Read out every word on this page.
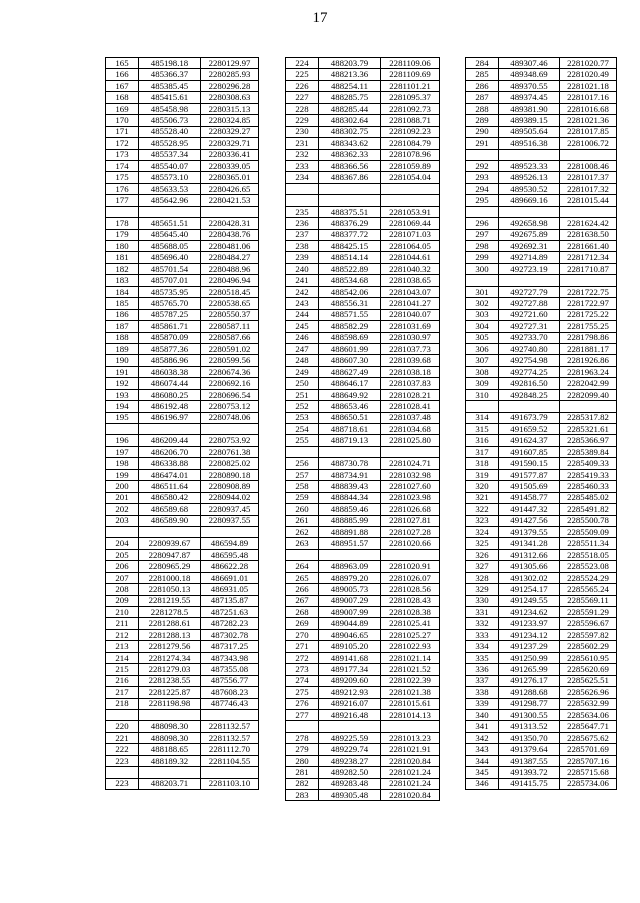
17
165	485198.18	2280129.97
166	485366.37	2280285.93
167	485385.45	2280296.28
168	485415.61	2280308.63
169	485458.98	2280315.13
170	485506.73	2280324.85
171	485528.40	2280329.27
172	485528.95	2280329.71
173	485537.34	2280336.41
174	485540.07	2280339.05
175	485573.10	2280365.01
176	485633.53	2280426.65
177	485642.96	2280421.53

178	485651.51	2280428.31
179	485645.40	2280438.76
180	485688.05	2280481.06
181	485696.40	2280484.27
182	485701.54	2280488.96
183	485707.01	2280496.94
184	485735.95	2280518.45
185	485765.70	2280538.65
186	485787.25	2280550.37
187	485861.71	2280587.11
188	485870.09	2280587.66
189	485877.36	2280591.02
190	485886.96	2280599.56
191	486038.38	2280674.36
192	486074.44	2280692.16
193	486080.25	2280696.54
194	486192.48	2280753.12
195	486196.97	2280748.06

196	486209.44	2280753.92
197	486206.70	2280761.38
198	486338.88	2280825.02
199	486474.01	2280890.18
200	486511.64	2280908.89
201	486580.42	2280944.02
202	486589.68	2280937.45
203	486589.90	2280937.55

204	2280939.67	486594.89
205	2280947.87	486595.48
206	2280965.29	486622.28
207	2281000.18	486691.01
208	2281050.13	486931.05
209	2281219.55	487135.87
210	2281278.5	487251.63
211	2281288.61	487282.23
212	2281288.13	487302.78
213	2281279.56	487317.25
214	2281274.34	487343.98
215	2281279.03	487355.08
216	2281238.55	487556.77
217	2281225.87	487608.23
218	2281198.98	487746.43

220	488098.30	2281132.57
221	488098.30	2281132.57
222	488188.65	2281112.70
223	488189.32	2281104.55

223	488203.71	2281103.10
224	488203.79	2281109.06
225	488213.36	2281109.69
226	488254.11	2281101.21
227	488285.75	2281095.37
228	488285.44	2281092.73
229	488302.64	2281088.71
230	488302.75	2281092.23
231	488343.62	2281084.79
232	488362.33	2281078.96
233	488366.56	2281059.89
234	488367.86	2281054.04

235	488375.51	2281053.91
236	488376.29	2281069.44
237	488377.72	2281071.03
238	488425.15	2281064.05
239	488514.14	2281044.61
240	488522.89	2281040.32
241	488534.68	2281038.65
242	488542.06	2281043.07
243	488556.31	2281041.27
244	488571.55	2281040.07
245	488582.29	2281031.69
246	488598.69	2281030.97
247	488601.99	2281037.73
248	488607.30	2281039.68
249	488627.49	2281038.18
250	488646.17	2281037.83
251	488649.92	2281028.21
252	488653.46	2281028.41
253	488650.51	2281037.48
254	488718.61	2281034.68
255	488719.13	2281025.80

256	488730.78	2281024.71
257	488734.91	2281032.98
258	488839.43	2281027.60
259	488844.34	2281023.98
260	488859.46	2281026.68
261	488885.99	2281027.81
262	488891.88	2281027.28
263	488951.57	2281020.66

264	488963.09	2281020.91
265	488979.20	2281026.07
266	489005.73	2281028.56
267	489007.29	2281028.43
268	489007.99	2281028.38
269	489044.89	2281025.41
270	489046.65	2281025.27
271	489105.20	2281022.93
272	489141.68	2281021.14
273	489177.34	2281021.52
274	489209.60	2281022.39
275	489212.93	2281021.38
276	489216.07	2281015.61
277	489216.48	2281014.13

278	489225.59	2281013.23
279	489229.74	2281021.91
280	489238.27	2281020.84
281	489282.50	2281021.24
282	489283.48	2281021.24
283	489305.48	2281020.84
284	489307.46	2281020.77
285	489348.69	2281020.49
286	489370.55	2281021.18
287	489374.45	2281017.16
288	489381.90	2281016.68
289	489389.15	2281021.36
290	489505.64	2281017.85
291	489516.38	2281006.72

292	489523.33	2281008.46
293	489526.13	2281017.37
294	489530.52	2281017.32
295	489669.16	2281015.44

296	492658.98	2281624.42
297	492675.89	2281638.50
298	492692.31	2281661.40
299	492714.89	2281712.34
300	492723.19	2281710.87

301	492727.79	2281722.75
302	492727.88	2281722.97
303	492721.60	2281725.22
304	492727.31	2281755.25
305	492733.70	2281798.86
306	492740.80	2281881.17
307	492754.98	2281926.86
308	492774.25	2281963.24
309	492816.50	2282042.99
310	492848.25	2282099.40

314	491673.79	2285317.82
315	491659.52	2285321.61
316	491624.37	2285366.97
317	491607.85	2285389.84
318	491590.15	2285409.33
319	491577.87	2285419.33
320	491505.69	2285460.33
321	491458.77	2285485.02
322	491447.32	2285491.82
323	491427.56	2285500.78
324	491379.55	2285509.09
325	491341.28	2285511.34
326	491312.66	2285518.05
327	491305.66	2285523.08
328	491302.02	2285524.29
329	491254.17	2285565.24
330	491249.55	2285569.11
331	491234.62	2285591.29
332	491233.97	2285596.67
333	491234.12	2285597.82
334	491237.29	2285602.29
335	491250.99	2285610.95
336	491265.99	2285620.69
337	491276.17	2285625.51
338	491288.68	2285626.96
339	491298.77	2285632.99
340	491300.55	2285634.06
341	491313.52	2285647.71
342	491350.70	2285675.62
343	491379.64	2285701.69
344	491387.55	2285707.16
345	491393.72	2285715.68
346	491415.75	2285734.06
